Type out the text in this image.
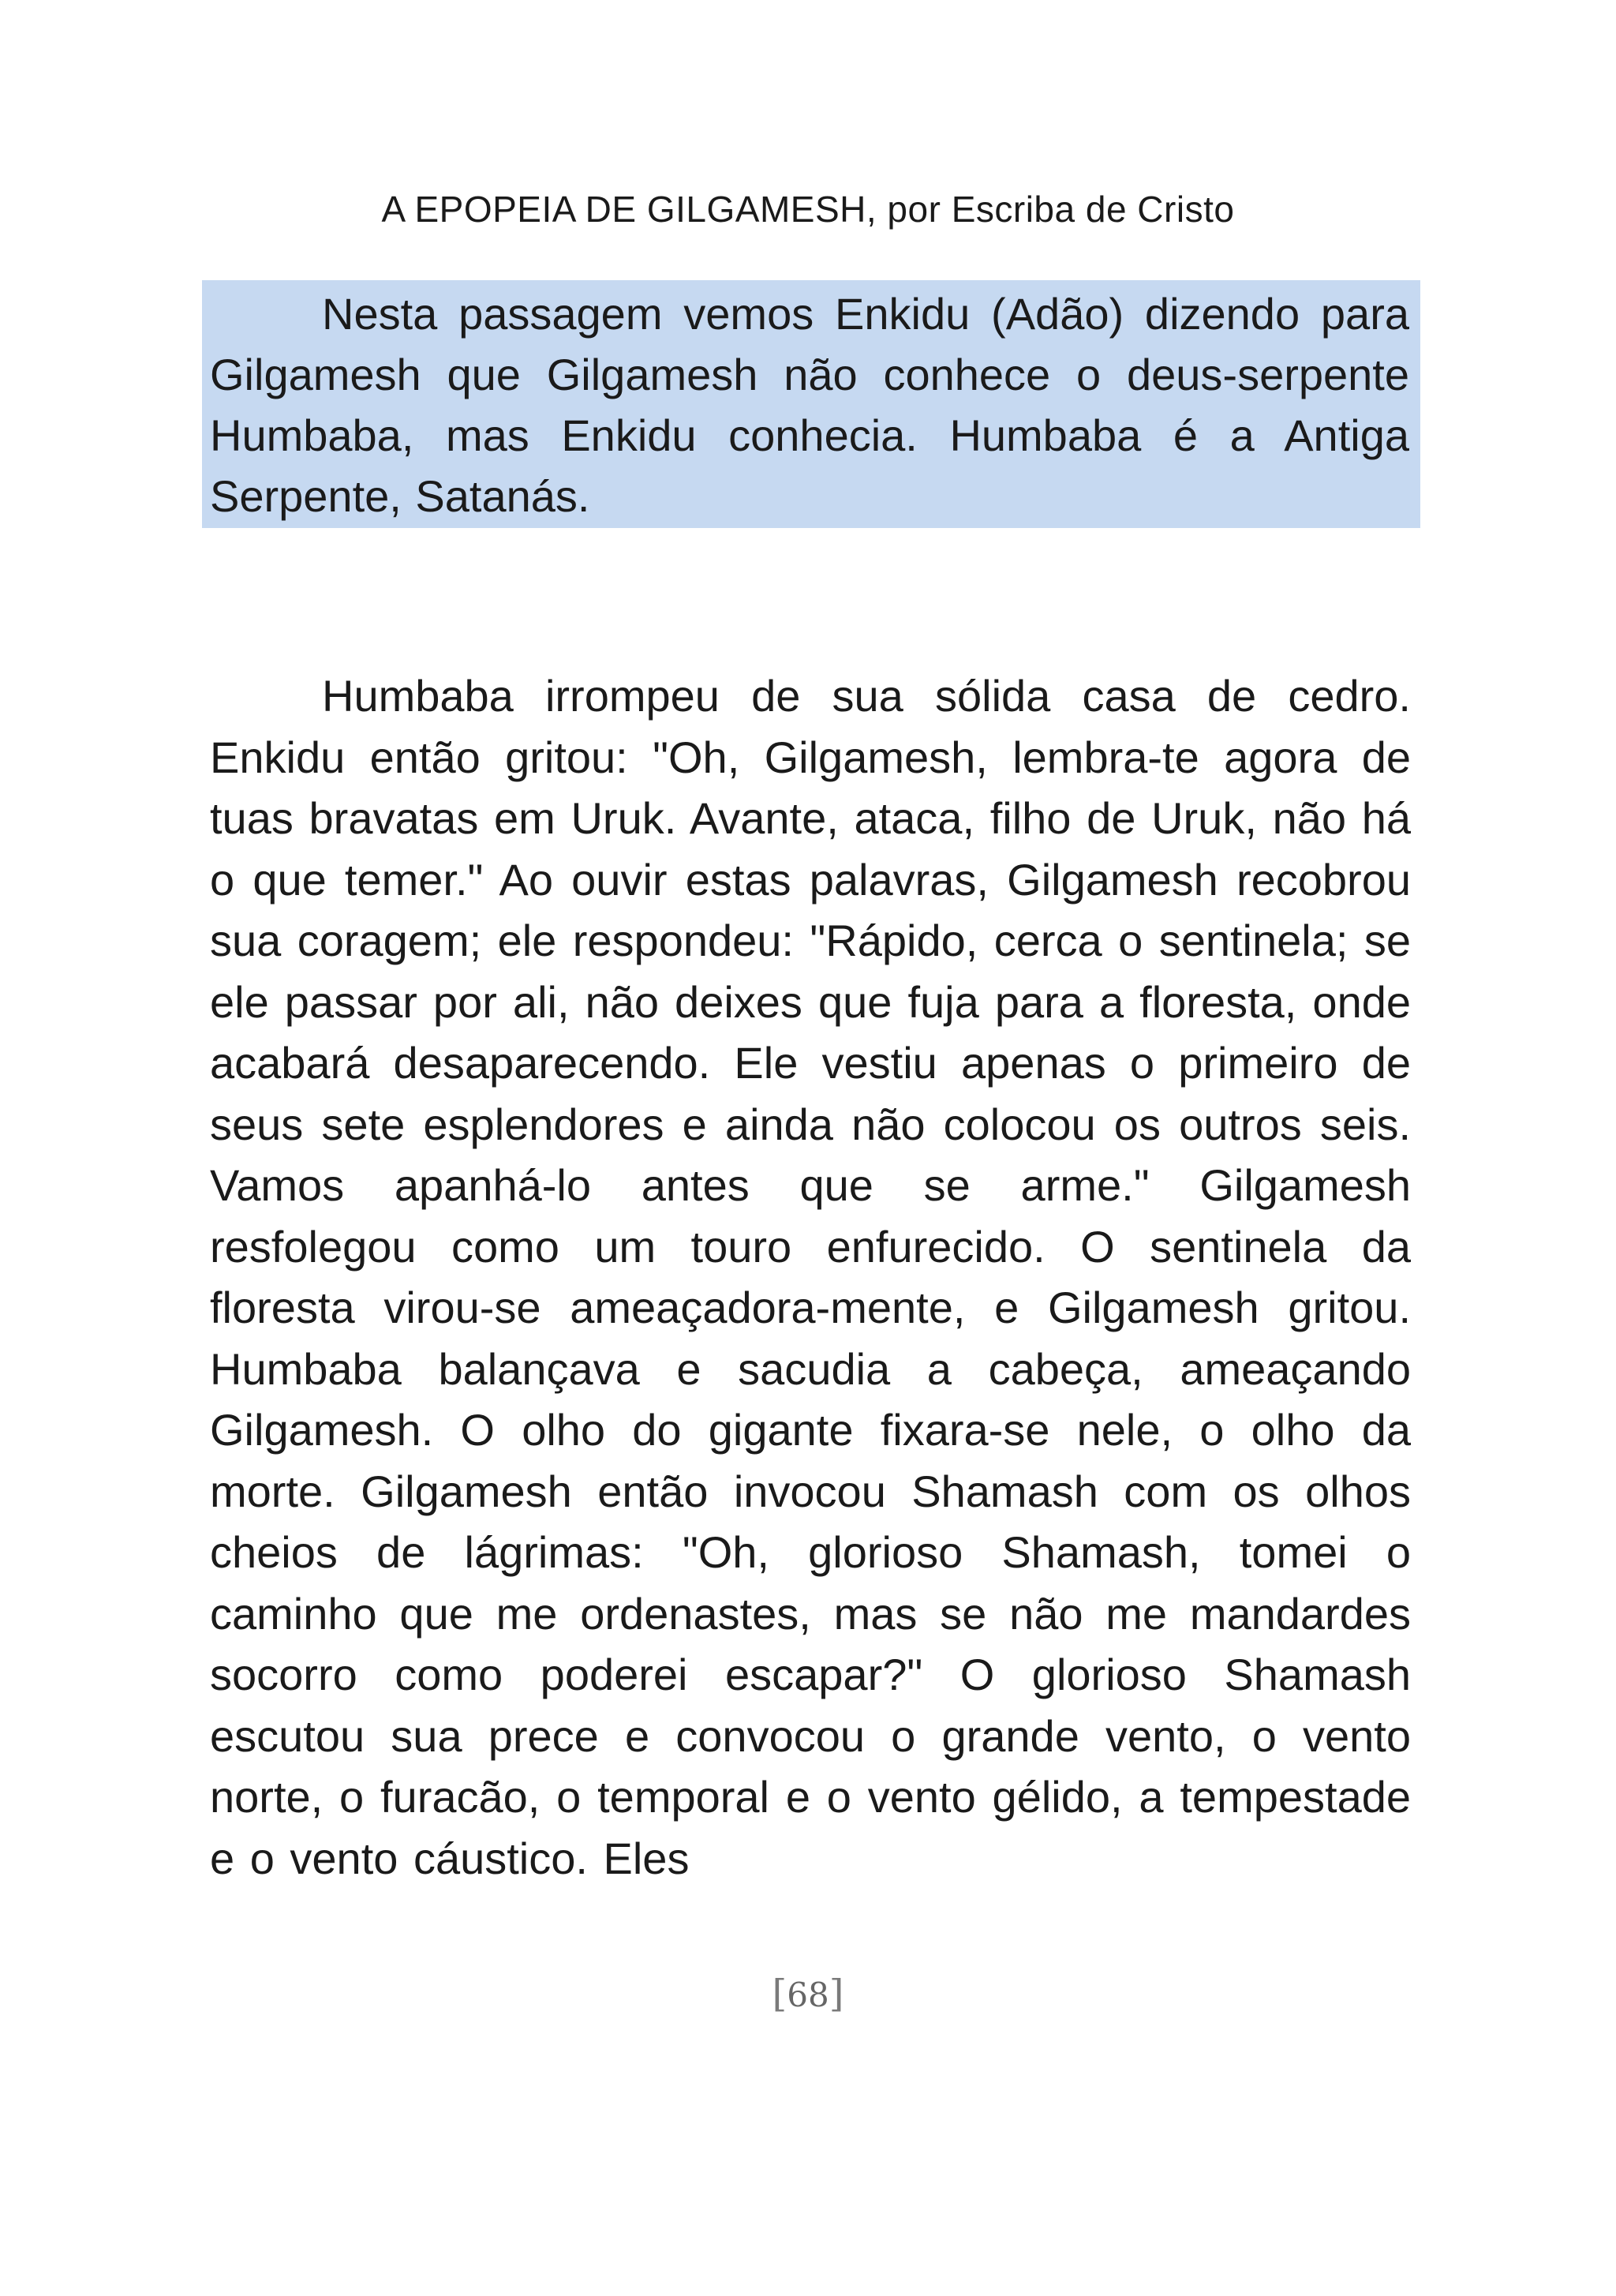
A EPOPEIA DE GILGAMESH, por Escriba de Cristo

Nesta passagem vemos Enkidu (Adão) dizendo para Gilgamesh que Gilgamesh não conhece o deus-serpente Humbaba, mas Enkidu conhecia. Humbaba é a Antiga Serpente, Satanás.

Humbaba irrompeu de sua sólida casa de cedro. Enkidu então gritou: "Oh, Gilgamesh, lembra-te agora de tuas bravatas em Uruk. Avante, ataca, filho de Uruk, não há o que temer." Ao ouvir estas palavras, Gilgamesh recobrou sua coragem; ele respondeu: "Rápido, cerca o sentinela; se ele passar por ali, não deixes que fuja para a floresta, onde acabará desaparecendo. Ele vestiu apenas o primeiro de seus sete esplendores e ainda não colocou os outros seis. Vamos apanhá-lo antes que se arme." Gilgamesh resfolegou como um touro enfurecido. O sentinela da floresta virou-se ameaçadora-mente, e Gilgamesh gritou. Humbaba balançava e sacudia a cabeça, ameaçando Gilgamesh. O olho do gigante fixara-se nele, o olho da morte. Gilgamesh então invocou Shamash com os olhos cheios de lágrimas: "Oh, glorioso Shamash, tomei o caminho que me ordenastes, mas se não me mandardes socorro como poderei escapar?" O glorioso Shamash escutou sua prece e convocou o grande vento, o vento norte, o furacão, o temporal e o vento gélido, a tempestade e o vento cáustico. Eles

[68]
